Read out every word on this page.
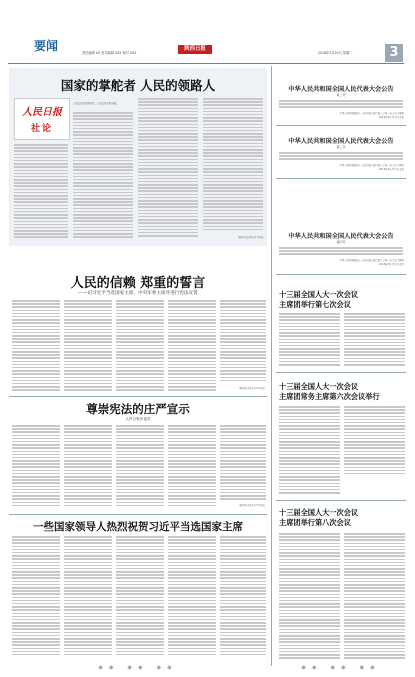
要闻	责任编辑 XX 美术编辑 XXX 校对 XXX
陕西日报
2018年3月20日 星期二	3
国家的掌舵者 人民的领路人
人民日报
社论
人民是历史的创造者，人民是真正的英雄。
（新华社北京3月17日电）
人民的信赖 郑重的誓言
——记习近平当选国家主席、中央军委主席并进行宪法宣誓
（新华社北京3月17日电）
尊崇宪法的庄严宣示
人民日报评论员
（新华社北京3月17日电）
一些国家领导人热烈祝贺习近平当选国家主席
中华人民共和国全国人民代表大会公告
第二号
中华人民共和国第十三届全国人民代表大会第一次会议主席团
2018年3月17日于北京
中华人民共和国全国人民代表大会公告
第三号
中华人民共和国第十三届全国人民代表大会第一次会议主席团
2018年3月17日于北京
中华人民共和国全国人民代表大会公告
第四号
中华人民共和国第十三届全国人民代表大会第一次会议主席团
2018年3月17日于北京
十三届全国人大一次会议
主席团举行第七次会议
十三届全国人大一次会议
主席团常务主席第六次会议举行
十三届全国人大一次会议
主席团举行第八次会议
◆◆ ◆◆ ◆◆	◆◆ ◆◆ ◆◆
